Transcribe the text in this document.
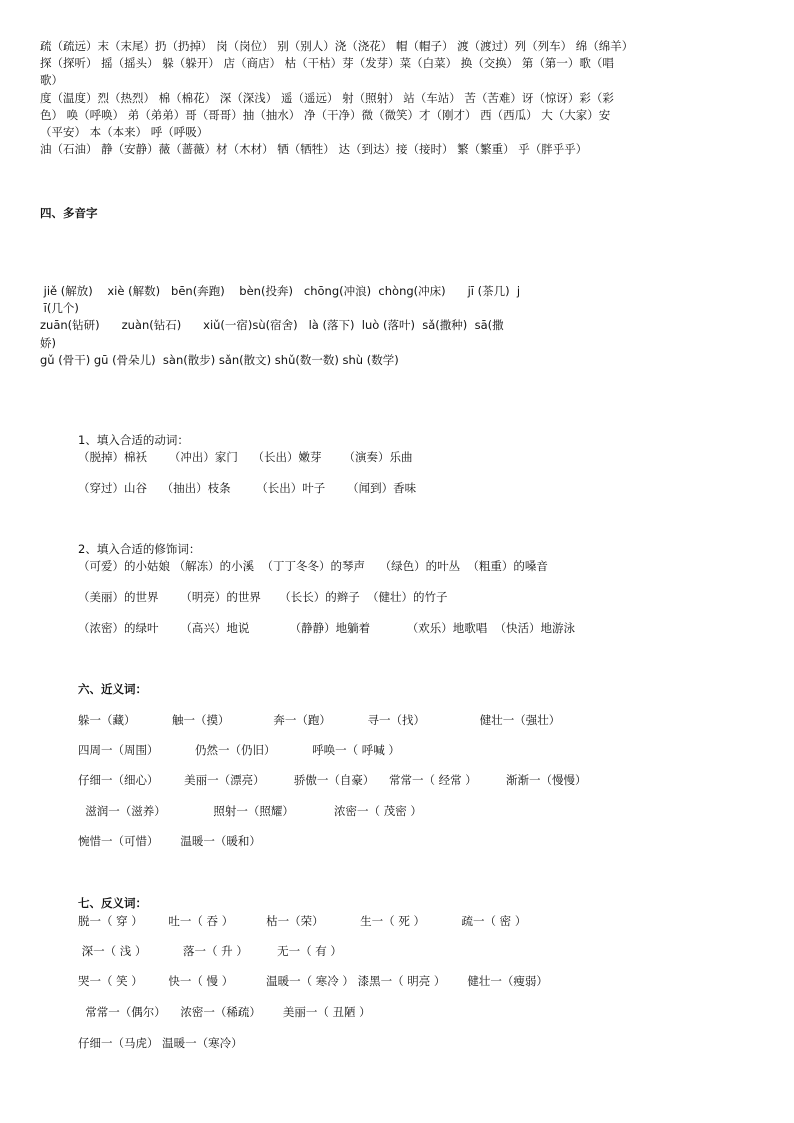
疏（疏远）末（末尾）扔（扔掉） 岗（岗位） 别（别人）浇（浇花） 帽（帽子） 渡（渡过）列（列车） 绵（绵羊）
探（探听） 摇（摇头） 躲（躲开） 店（商店） 枯（干枯）芽（发芽）菜（白菜） 换（交换） 第（第一）歌（唱
歌）
度（温度）烈（热烈） 棉（棉花） 深（深浅） 遥（遥远） 射（照射） 站（车站） 苦（苦难）讶（惊讶）彩（彩
色） 唤（呼唤） 弟（弟弟）哥（哥哥）抽（抽水） 净（干净）微（微笑）才（刚才） 西（西瓜） 大（大家）安
（平安） 本（本来） 呼（呼吸）
油（石油） 静（安静）薇（蔷薇）材（木材） 牺（牺牲） 达（到达）接（接时） 繁（繁重） 乎（胖乎乎）
四、多音字
jiě (解放)    xiè (解数)   bēn(奔跑)    bèn(投奔)   chōng(冲浪)  chòng(冲床)      jī (茶几)  j
ī(几个)
zuān(钻研)      zuàn(钻石)      xiǔ(一宿)sù(宿舍)   là (落下)  luò (落叶)  sǎ(撒种)  sā(撒
娇)
gǔ (骨干) gū (骨朵儿)  sàn(散步) sǎn(散文) shǔ(数一数) shù (数学)
1、填入合适的动词：
（脱掉）棉袄      （冲出）家门    （长出）嫩芽      （演奏）乐曲
（穿过）山谷    （抽出）枝条       （长出）叶子      （闻到）香味
2、填入合适的修饰词：
（可爱）的小姑娘 （解冻）的小溪  （丁丁冬冬）的琴声    （绿色）的叶丛  （粗重）的嗓音
（美丽）的世界      （明亮）的世界     （长长）的辫子  （健壮）的竹子
（浓密）的绿叶      （高兴）地说           （静静）地躺着          （欢乐）地歌唱  （快活）地游泳
六、近义词：
躲一（藏）          触一（摸）            奔一（跑）          寻一（找）               健壮一（强壮）
四周一（周围）          仍然一（仍旧）          呼唤一（ 呼喊 ）
仔细一（细心）       美丽一（漂亮）        骄傲一（自豪）    常常一（ 经常 ）        渐渐一（慢慢）
滋润一（滋养）             照射一（照耀）           浓密一（ 茂密 ）
惋惜一（可惜）      温暖一（暖和）
七、反义词：
脱一（ 穿 ）       吐一（ 吞 ）         枯一（荣）          生一（ 死 ）          疏一（ 密 ）
深一（ 浅 ）          落一（ 升 ）        无一（ 有 ）
哭一（ 笑 ）       快一（ 慢 ）         温暖一（ 寒冷 ） 漆黑一（ 明亮 ）      健壮一（瘦弱）
常常一（偶尔）    浓密一（稀疏）      美丽一（ 丑陋 ）
仔细一（马虎） 温暖一（寒冷）
